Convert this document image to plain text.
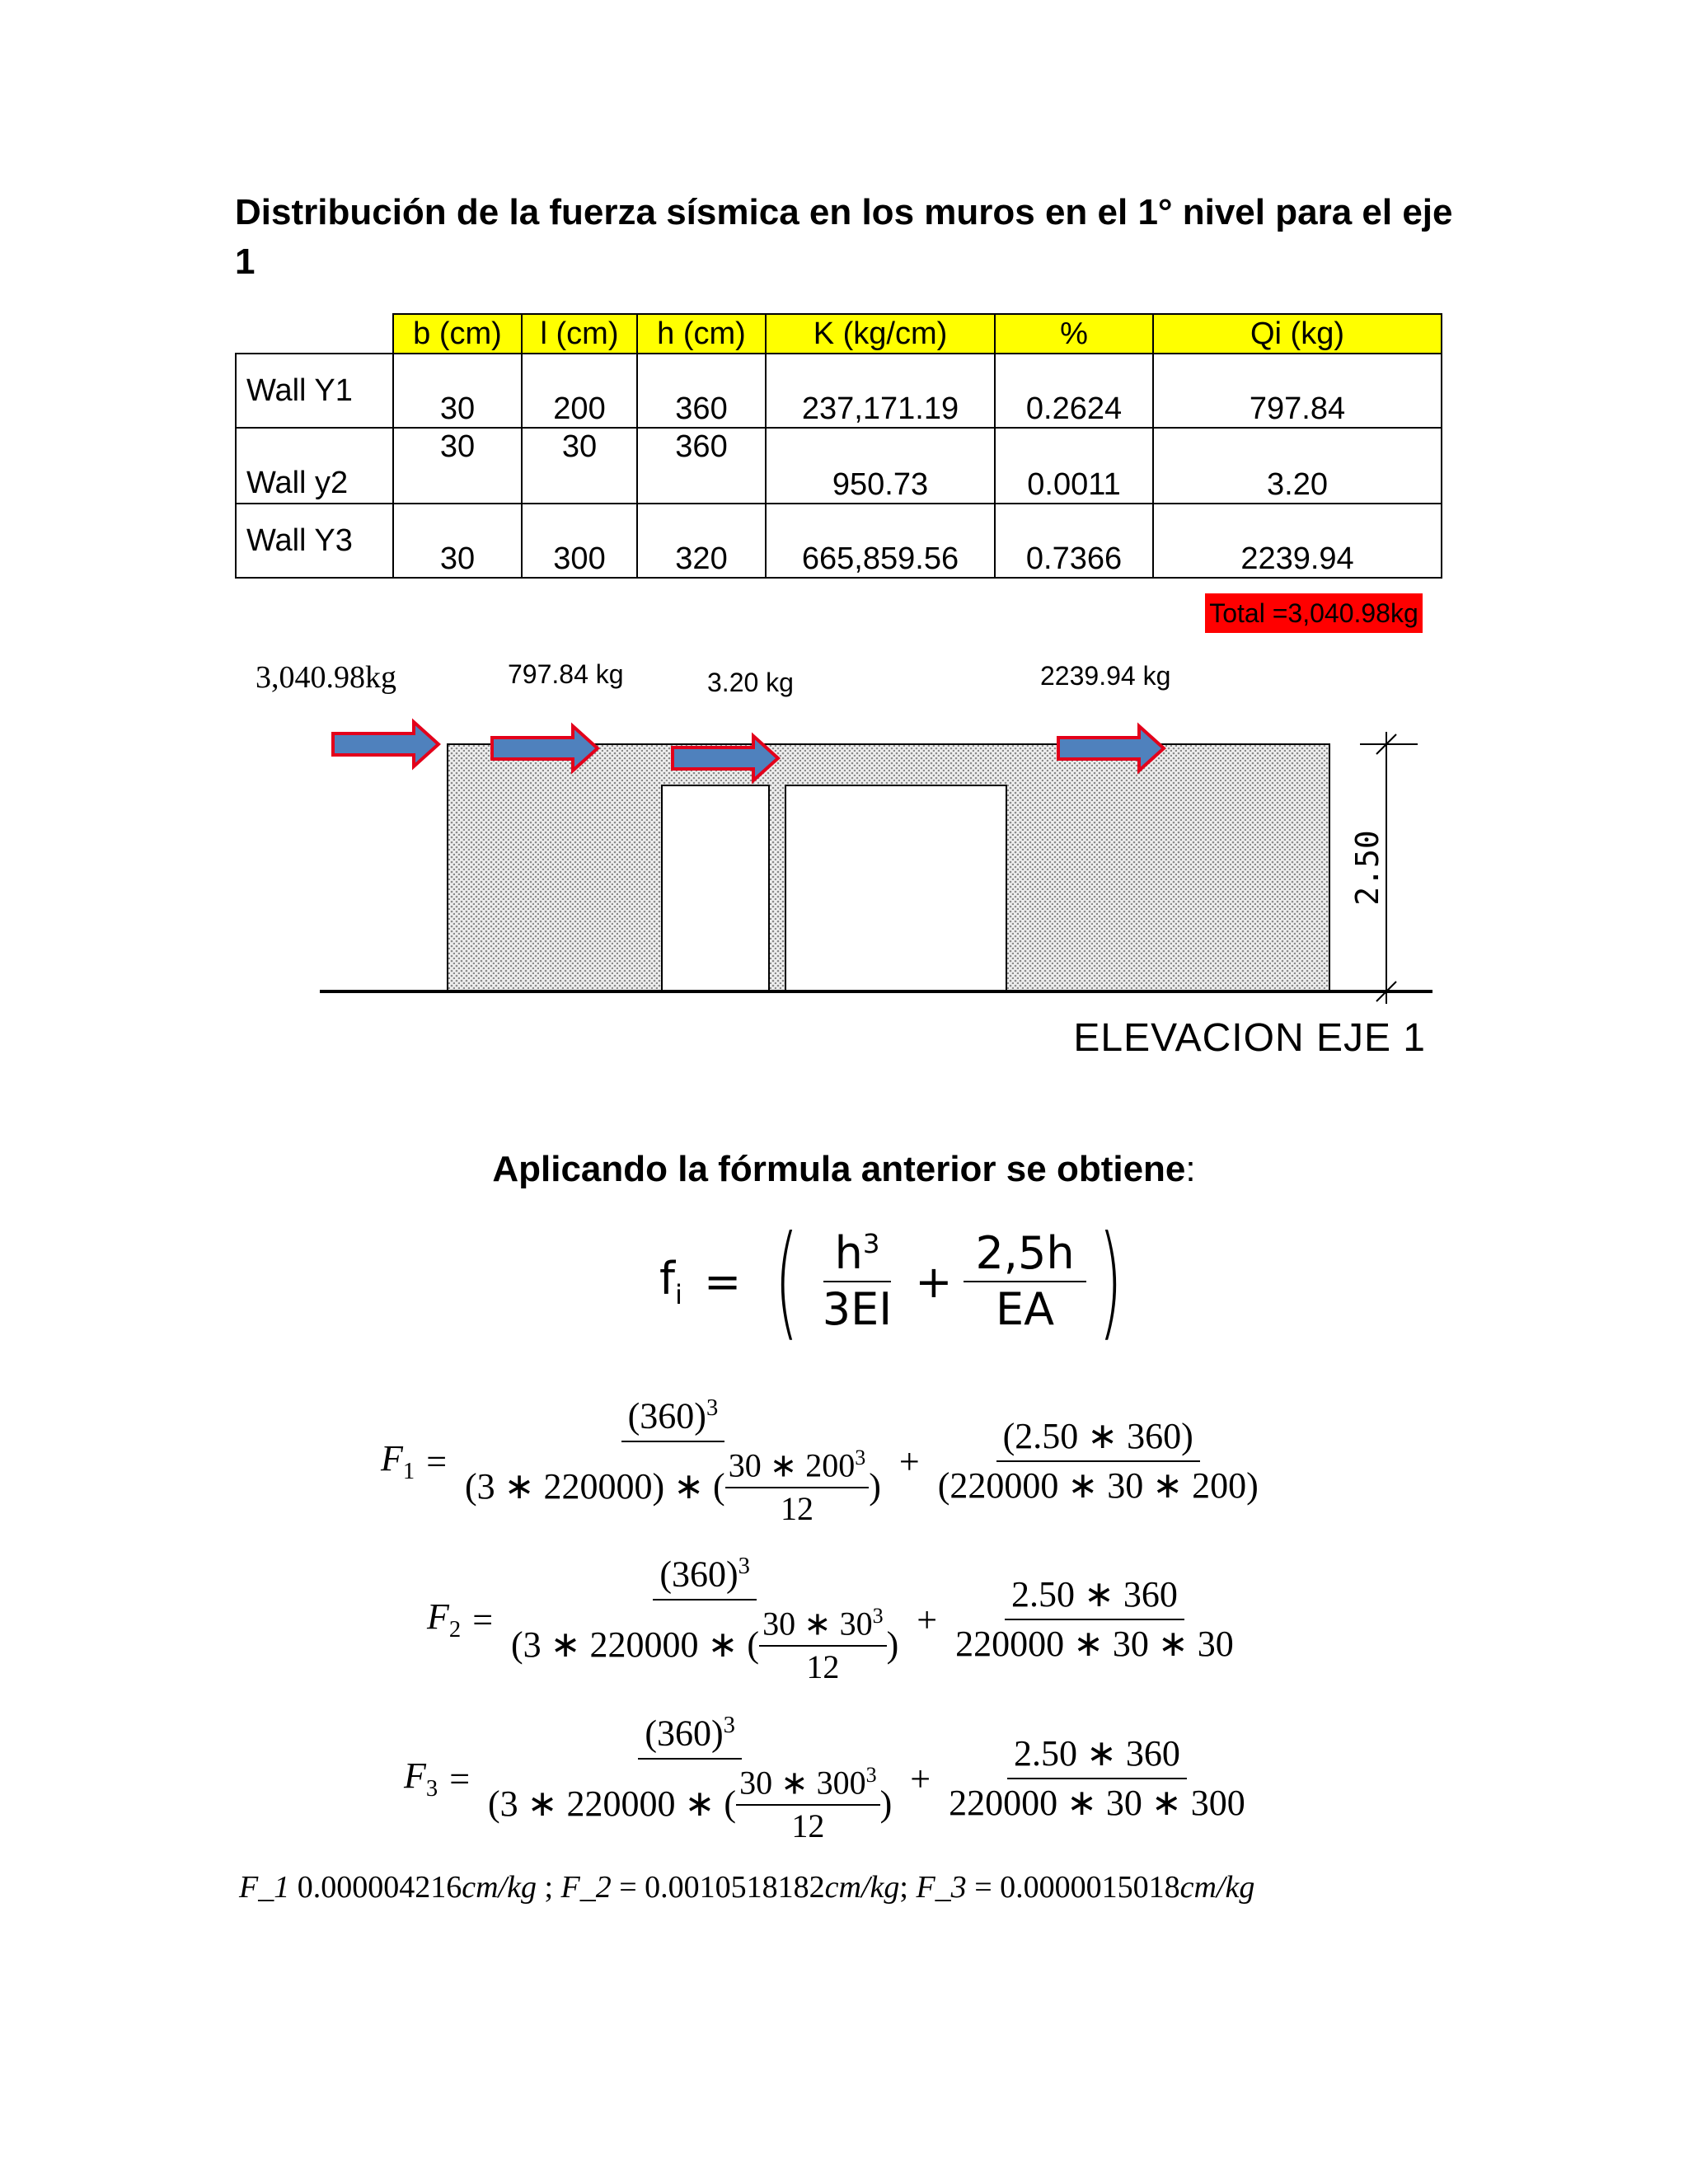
Distribución de la fuerza sísmica en los muros en el 1° nivel para el eje 1
	b (cm)	l (cm)	h (cm)	K (kg/cm)	%	Qi (kg)
Wall Y1	30	200	360	237,171.19	0.2624	797.84

Wall y2	30	30	360	950.73	0.0011	3.20

Wall Y3	30	300	320	665,859.56	0.7366	2239.94
Total =3,040.98kg
3,040.98kg	797.84 kg	3.20 kg	2239.94 kg
2.50
ELEVACION EJE 1
Aplicando la fórmula anterior se obtiene:
$f_i$ = ( $\frac{h^3}{3EI} + \frac{2,5h}{EA}$ )
$F_1 = \frac{(360)^3}{(3 ∗ 220000) ∗ ( \frac{30 ∗ 200^3}{12} )} + \frac{(2.50 ∗ 360)}{(220000 ∗ 30 ∗ 200)}$
$F_2 = \frac{(360)^3}{(3 ∗ 220000 ∗ ( \frac{30 ∗ 30^3}{12} )} + \frac{2.50 ∗ 360}{220000 ∗ 30 ∗ 30}$
$F_3 = \frac{(360)^3}{(3 ∗ 220000 ∗ ( \frac{30 ∗ 300^3}{12} )} + \frac{2.50 ∗ 360}{220000 ∗ 30 ∗ 300}$
F_1 0.000004216cm/kg ; F_2 = 0.0010518182cm/kg; F_3 = 0.0000015018cm/kg
